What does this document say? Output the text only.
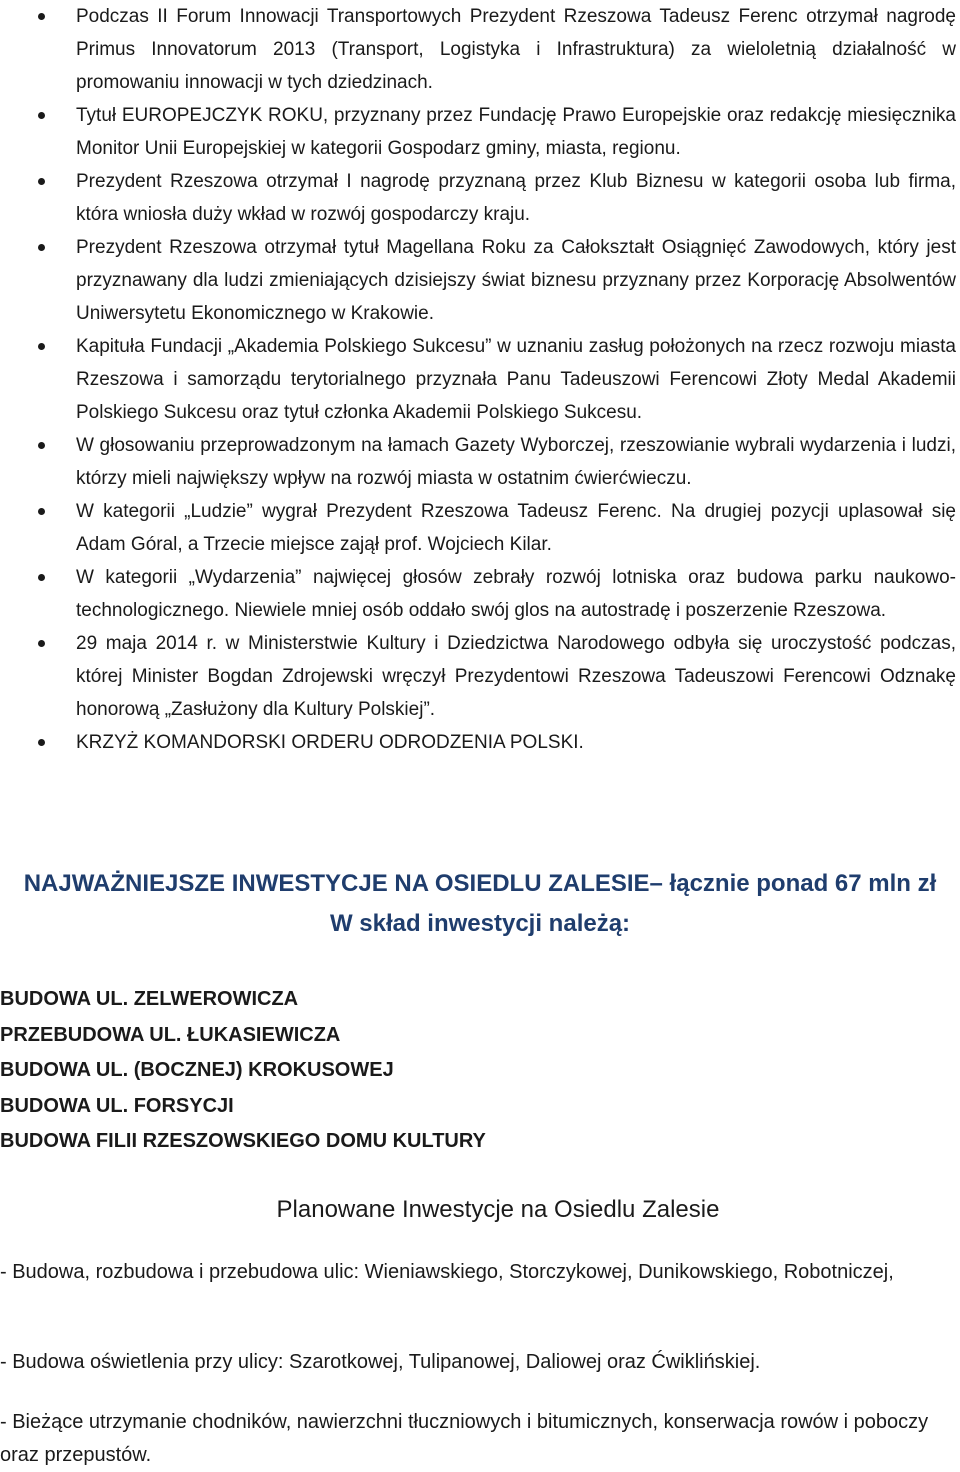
Podczas II Forum Innowacji Transportowych Prezydent Rzeszowa Tadeusz Ferenc otrzymał nagrodę Primus Innovatorum 2013 (Transport, Logistyka i Infrastruktura) za wieloletnią działalność w promowaniu innowacji w tych dziedzinach.
Tytuł EUROPEJCZYK ROKU, przyznany przez Fundację Prawo Europejskie oraz redakcję miesięcznika Monitor Unii Europejskiej w kategorii Gospodarz gminy, miasta, regionu.
Prezydent Rzeszowa otrzymał I nagrodę przyznaną przez Klub Biznesu w kategorii osoba lub firma, która wniosła duży wkład w rozwój gospodarczy kraju.
Prezydent Rzeszowa otrzymał tytuł Magellana Roku za Całokształt Osiągnięć Zawodowych, który jest przyznawany dla ludzi zmieniających dzisiejszy świat biznesu przyznany przez Korporację Absolwentów Uniwersytetu Ekonomicznego w Krakowie.
Kapituła Fundacji „Akademia Polskiego Sukcesu” w uznaniu zasług położonych na rzecz rozwoju miasta Rzeszowa i samorządu terytorialnego przyznała Panu Tadeuszowi Ferencowi Złoty Medal Akademii Polskiego Sukcesu oraz tytuł członka Akademii Polskiego Sukcesu.
W głosowaniu przeprowadzonym na łamach Gazety Wyborczej, rzeszowianie wybrali wydarzenia i ludzi, którzy mieli największy wpływ na rozwój miasta w ostatnim ćwierćwieczu.
W kategorii „Ludzie” wygrał Prezydent Rzeszowa Tadeusz Ferenc. Na drugiej pozycji uplasował się Adam Góral, a Trzecie miejsce zajął prof. Wojciech Kilar.
W kategorii „Wydarzenia” najwięcej głosów zebrały rozwój lotniska oraz budowa parku naukowo-technologicznego. Niewiele mniej osób oddało swój glos na autostradę i poszerzenie Rzeszowa.
29 maja 2014 r. w Ministerstwie Kultury i Dziedzictwa Narodowego odbyła się uroczystość podczas, której Minister Bogdan Zdrojewski wręczył Prezydentowi Rzeszowa Tadeuszowi Ferencowi Odznakę honorową „Zasłużony dla Kultury Polskiej”.
KRZYŻ KOMANDORSKI ORDERU ODRODZENIA POLSKI.
NAJWAŻNIEJSZE INWESTYCJE NA OSIEDLU ZALESIE– łącznie ponad 67 mln zł
W skład inwestycji należą:
BUDOWA UL. ZELWEROWICZA
PRZEBUDOWA UL. ŁUKASIEWICZA
BUDOWA UL. (BOCZNEJ) KROKUSOWEJ
BUDOWA UL. FORSYCJI
BUDOWA FILII RZESZOWSKIEGO DOMU KULTURY
Planowane Inwestycje na Osiedlu Zalesie

- Budowa, rozbudowa i przebudowa ulic: Wieniawskiego, Storczykowej, Dunikowskiego, Robotniczej,

- Budowa oświetlenia przy ulicy: Szarotkowej, Tulipanowej, Daliowej oraz Ćwiklińskiej.

- Bieżące utrzymanie chodników, nawierzchni tłuczniowych i bitumicznych, konserwacja rowów i poboczy oraz przepustów.
